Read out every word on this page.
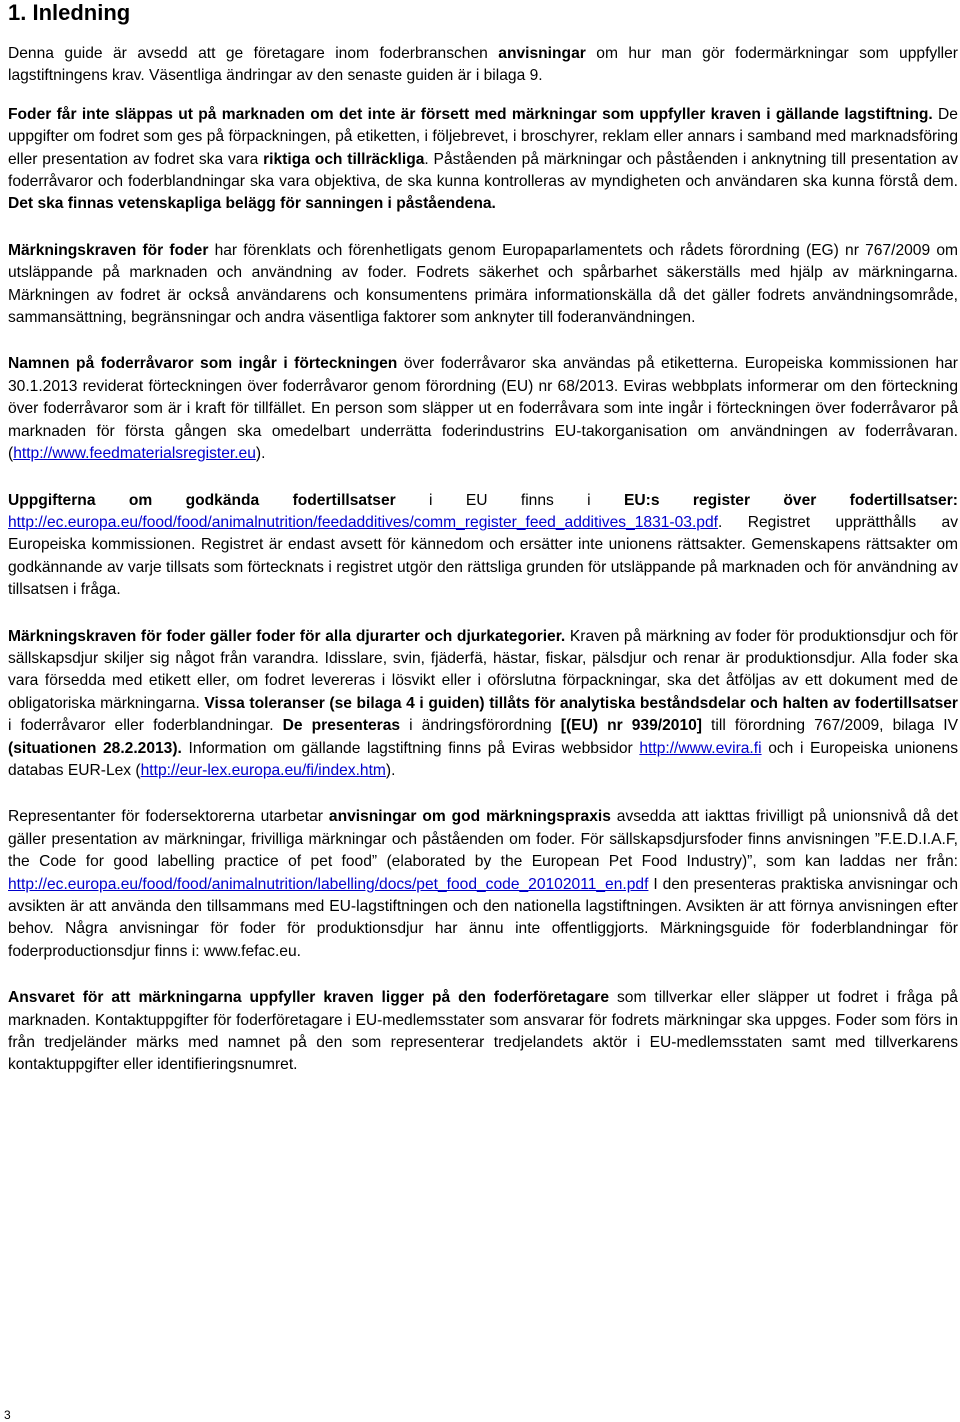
1. Inledning

Denna guide är avsedd att ge företagare inom foderbranschen anvisningar om hur man gör fodermärkningar som uppfyller lagstiftningens krav. Väsentliga ändringar av den senaste guiden är i bilaga 9.

Foder får inte släppas ut på marknaden om det inte är försett med märkningar som uppfyller kraven i gällande lagstiftning. De uppgifter om fodret som ges på förpackningen, på etiketten, i följebrevet, i broschyrer, reklam eller annars i samband med marknadsföring eller presentation av fodret ska vara riktiga och tillräckliga. Påståenden på märkningar och påståenden i anknytning till presentation av foderråvaror och foderblandningar ska vara objektiva, de ska kunna kontrolleras av myndigheten och användaren ska kunna förstå dem. Det ska finnas vetenskapliga belägg för sanningen i påståendena.

Märkningskraven för foder har förenklats och förenhetligats genom Europaparlamentets och rådets förordning (EG) nr 767/2009 om utsläppande på marknaden och användning av foder. Fodrets säkerhet och spårbarhet säkerställs med hjälp av märkningarna. Märkningen av fodret är också användarens och konsumentens primära informationskälla då det gäller fodrets användningsområde, sammansättning, begränsningar och andra väsentliga faktorer som anknyter till foderanvändningen.

Namnen på foderråvaror som ingår i förteckningen över foderråvaror ska användas på etiketterna. Europeiska kommissionen har 30.1.2013 reviderat förteckningen över foderråvaror genom förordning (EU) nr 68/2013. Eviras webbplats informerar om den förteckning över foderråvaror som är i kraft för tillfället. En person som släpper ut en foderråvara som inte ingår i förteckningen över foderråvaror på marknaden för första gången ska omedelbart underrätta foderindustrins EU-takorganisation om användningen av foderråvaran. (http://www.feedmaterialsregister.eu).

Uppgifterna om godkända fodertillsatser i EU finns i EU:s register över fodertillsatser: http://ec.europa.eu/food/food/animalnutrition/feedadditives/comm_register_feed_additives_1831-03.pdf. Registret upprätthålls av Europeiska kommissionen. Registret är endast avsett för kännedom och ersätter inte unionens rättsakter. Gemenskapens rättsakter om godkännande av varje tillsats som förtecknats i registret utgör den rättsliga grunden för utsläppande på marknaden och för användning av tillsatsen i fråga.

Märkningskraven för foder gäller foder för alla djurarter och djurkategorier. Kraven på märkning av foder för produktionsdjur och för sällskapsdjur skiljer sig något från varandra. Idisslare, svin, fjäderfä, hästar, fiskar, pälsdjur och renar är produktionsdjur. Alla foder ska vara försedda med etikett eller, om fodret levereras i lösvikt eller i oförslutna förpackningar, ska det åtföljas av ett dokument med de obligatoriska märkningarna. Vissa toleranser (se bilaga 4 i guiden) tillåts för analytiska beståndsdelar och halten av fodertillsatser i foderråvaror eller foderblandningar. De presenteras i ändringsförordning [(EU) nr 939/2010] till förordning 767/2009, bilaga IV (situationen 28.2.2013). Information om gällande lagstiftning finns på Eviras webbsidor http://www.evira.fi och i Europeiska unionens databas EUR-Lex (http://eur-lex.europa.eu/fi/index.htm).

Representanter för fodersektorerna utarbetar anvisningar om god märkningspraxis avsedda att iakttas frivilligt på unionsnivå då det gäller presentation av märkningar, frivilliga märkningar och påståenden om foder. För sällskapsdjursfoder finns anvisningen ”F.E.D.I.A.F, the Code for good labelling practice of pet food” (elaborated by the European Pet Food Industry)”, som kan laddas ner från: http://ec.europa.eu/food/food/animalnutrition/labelling/docs/pet_food_code_20102011_en.pdf I den presenteras praktiska anvisningar och avsikten är att använda den tillsammans med EU-lagstiftningen och den nationella lagstiftningen. Avsikten är att förnya anvisningen efter behov. Några anvisningar för foder för produktionsdjur har ännu inte offentliggjorts. Märkningsguide för foderblandningar för foderproductionsdjur finns i: www.fefac.eu.

Ansvaret för att märkningarna uppfyller kraven ligger på den foderföretagare som tillverkar eller släpper ut fodret i fråga på marknaden. Kontaktuppgifter för foderföretagare i EU-medlemsstater som ansvarar för fodrets märkningar ska uppges. Foder som förs in från tredjeländer märks med namnet på den som representerar tredjelandets aktör i EU-medlemsstaten samt med tillverkarens kontaktuppgifter eller identifieringsnumret.

3
